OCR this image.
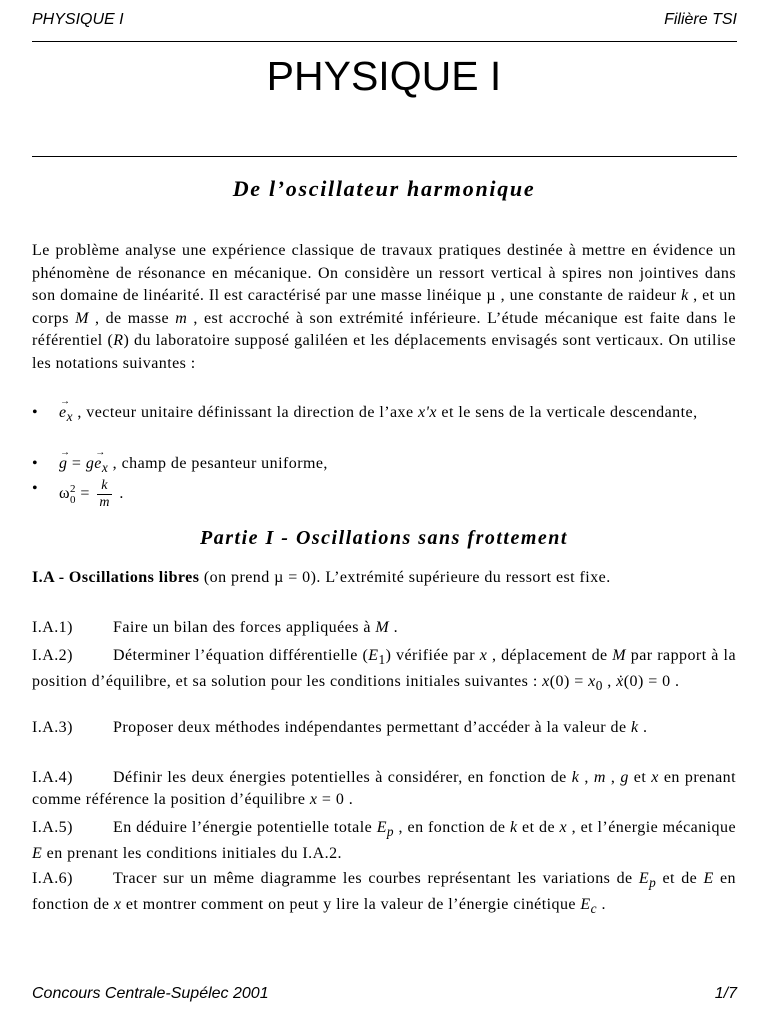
PHYSIQUE I	Filière TSI
PHYSIQUE I
De l’oscillateur harmonique
Le problème analyse une expérience classique de travaux pratiques destinée à mettre en évidence un phénomène de résonance en mécanique. On considère un ressort vertical à spires non jointives dans son domaine de linéarité. Il est caractérisé par une masse linéique µ , une constante de raideur k , et un corps M , de masse m , est accroché à son extrémité inférieure. L’étude mécanique est faite dans le référentiel (R) du laboratoire supposé galiléen et les déplacements envisagés sont verticaux. On utilise les notations suivantes :
• → $e_x$ , vecteur unitaire définissant la direction de l’axe x'x et le sens de la verticale descendante,
• → $g = g\to e_x$ , champ de pesanteur uniforme,
• ω 2
$0 = \frac{k}{m}$ .
Partie I - Oscillations sans frottement
I.A - Oscillations libres (on prend µ = 0). L’extrémité supérieure du ressort est fixe.
I.A.1)	Faire un bilan des forces appliquées à M .
I.A.2)	Déterminer l’équation différentielle $(E_1)$ vérifiée par x , déplacement de M par rapport à la position d’équilibre, et sa solution pour les conditions initiales suivantes : $x(0) = x_0$ , ẋ(0) = 0 .
I.A.3)	Proposer deux méthodes indépendantes permettant d’accéder à la valeur de k .
I.A.4)	Définir les deux énergies potentielles à considérer, en fonction de k , m , g et x en prenant comme référence la position d’équilibre x = 0 .
I.A.5)	En déduire l’énergie potentielle totale $E_p$ , en fonction de k et de x , et l’énergie mécanique E en prenant les conditions initiales du I.A.2.
I.A.6)	Tracer sur un même diagramme les courbes représentant les variations de $E_p$ et de E en fonction de x et montrer comment on peut y lire la valeur de l’énergie cinétique $E_c$ .
Concours Centrale-Supélec 2001	1/7
